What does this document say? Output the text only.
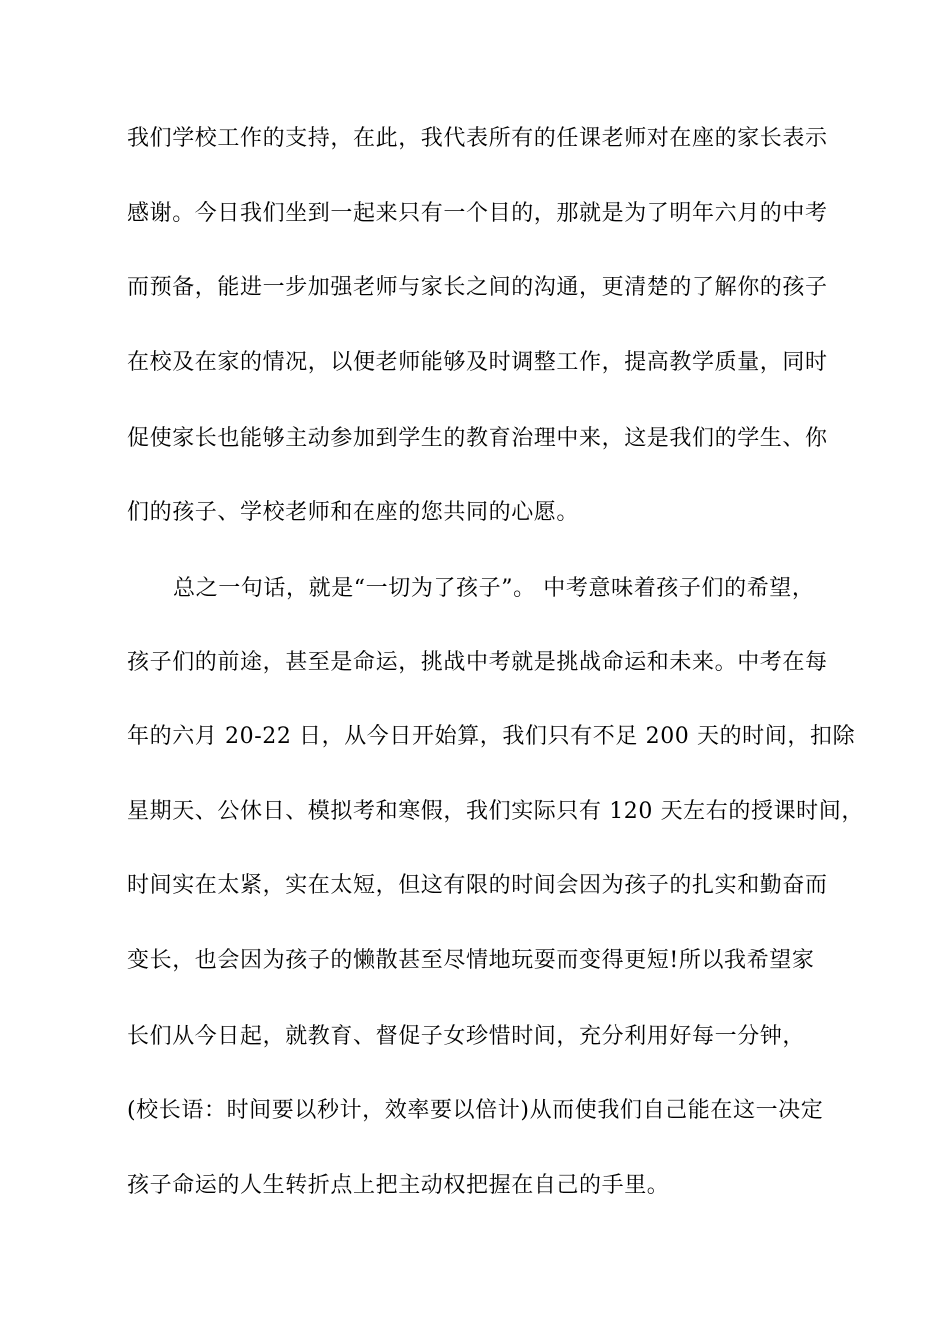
我们学校工作的支持，在此，我代表所有的任课老师对在座的家长表示
感谢。今日我们坐到一起来只有一个目的，那就是为了明年六月的中考
而预备，能进一步加强老师与家长之间的沟通，更清楚的了解你的孩子
在校及在家的情况，以便老师能够及时调整工作，提高教学质量，同时
促使家长也能够主动参加到学生的教育治理中来，这是我们的学生、你
们的孩子、学校老师和在座的您共同的心愿。
总之一句话，就是“一切为了孩子”。 中考意味着孩子们的希望，
孩子们的前途，甚至是命运，挑战中考就是挑战命运和未来。中考在每
年的六月 20-22 日，从今日开始算，我们只有不足 200 天的时间，扣除
星期天、公休日、模拟考和寒假，我们实际只有 120 天左右的授课时间，
时间实在太紧，实在太短，但这有限的时间会因为孩子的扎实和勤奋而
变长，也会因为孩子的懒散甚至尽情地玩耍而变得更短!所以我希望家
长们从今日起，就教育、督促子女珍惜时间，充分利用好每一分钟，
(校长语：时间要以秒计，效率要以倍计)从而使我们自己能在这一决定
孩子命运的人生转折点上把主动权把握在自己的手里。
